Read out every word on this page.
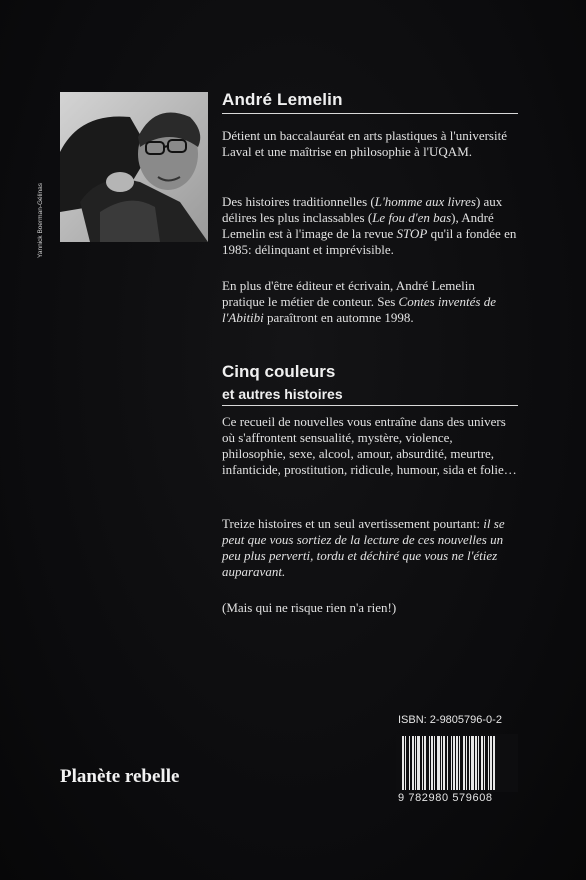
Yannick Boerman-Gélinas
André Lemelin

Détient un baccalauréat en arts plastiques à l'université Laval et une maîtrise en philosophie à l'UQAM.

Des histoires traditionnelles (L'homme aux livres) aux délires les plus inclassables (Le fou d'en bas), André Lemelin est à l'image de la revue STOP qu'il a fondée en 1985: délinquant et imprévisible.

En plus d'être éditeur et écrivain, André Lemelin pratique le métier de conteur. Ses Contes inventés de l'Abitibi paraîtront en automne 1998.

Cinq couleurs
et autres histoires

Ce recueil de nouvelles vous entraîne dans des univers où s'affrontent sensualité, mystère, violence, philosophie, sexe, alcool, amour, absurdité, meurtre, infanticide, prostitution, ridicule, humour, sida et folie…

Treize histoires et un seul avertissement pourtant: il se peut que vous sortiez de la lecture de ces nouvelles un peu plus perverti, tordu et déchiré que vous ne l'étiez auparavant.

(Mais qui ne risque rien n'a rien!)

ISBN: 2-9805796-0-2
9 782980 579608
Planète rebelle
